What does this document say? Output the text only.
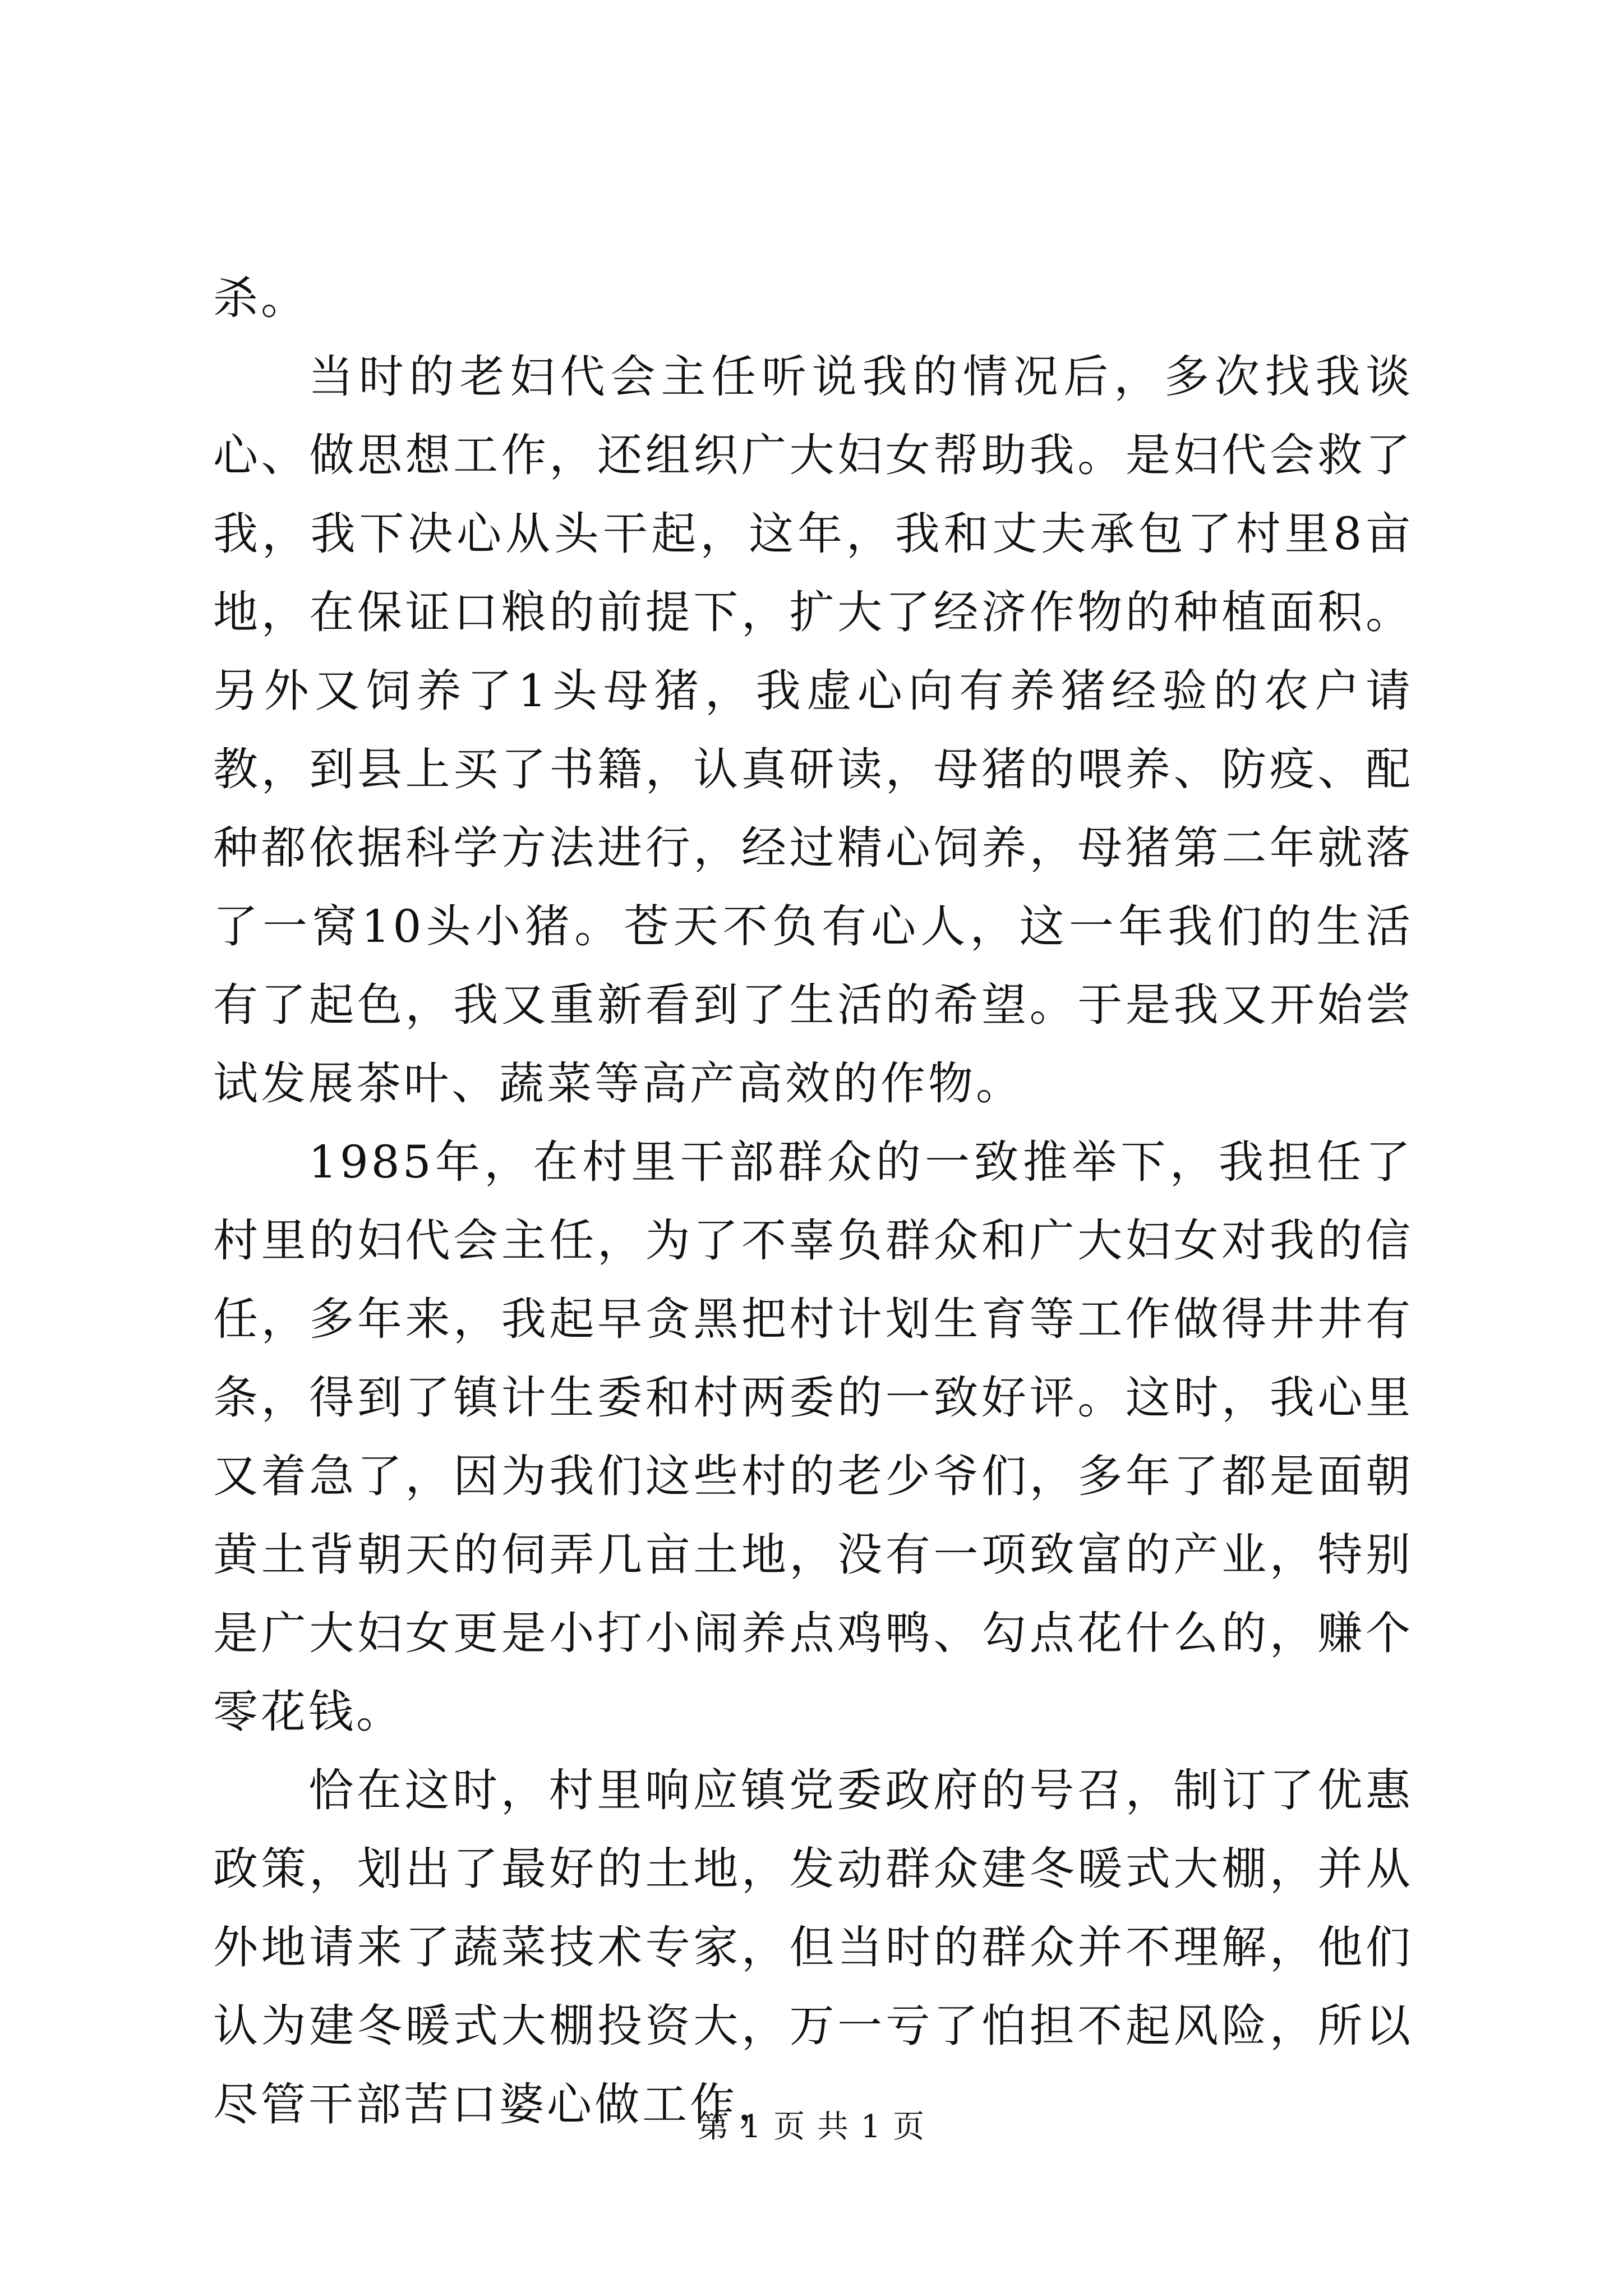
杀。

当时的老妇代会主任听说我的情况后，多次找我谈心、做思想工作，还组织广大妇女帮助我。是妇代会救了我，我下决心从头干起，这年，我和丈夫承包了村里8亩地，在保证口粮的前提下，扩大了经济作物的种植面积。另外又饲养了1头母猪，我虚心向有养猪经验的农户请教，到县上买了书籍，认真研读，母猪的喂养、防疫、配种都依据科学方法进行，经过精心饲养，母猪第二年就落了一窝10头小猪。苍天不负有心人，这一年我们的生活有了起色，我又重新看到了生活的希望。于是我又开始尝试发展茶叶、蔬菜等高产高效的作物。

1985年，在村里干部群众的一致推举下，我担任了村里的妇代会主任，为了不辜负群众和广大妇女对我的信任，多年来，我起早贪黑把村计划生育等工作做得井井有条，得到了镇计生委和村两委的一致好评。这时，我心里又着急了，因为我们这些村的老少爷们，多年了都是面朝黄土背朝天的伺弄几亩土地，没有一项致富的产业，特别是广大妇女更是小打小闹养点鸡鸭、勾点花什么的，赚个零花钱。

恰在这时，村里响应镇党委政府的号召，制订了优惠政策，划出了最好的土地，发动群众建冬暖式大棚，并从外地请来了蔬菜技术专家，但当时的群众并不理解，他们认为建冬暖式大棚投资大，万一亏了怕担不起风险，所以尽管干部苦口婆心做工作，

第 1 页 共 1 页
